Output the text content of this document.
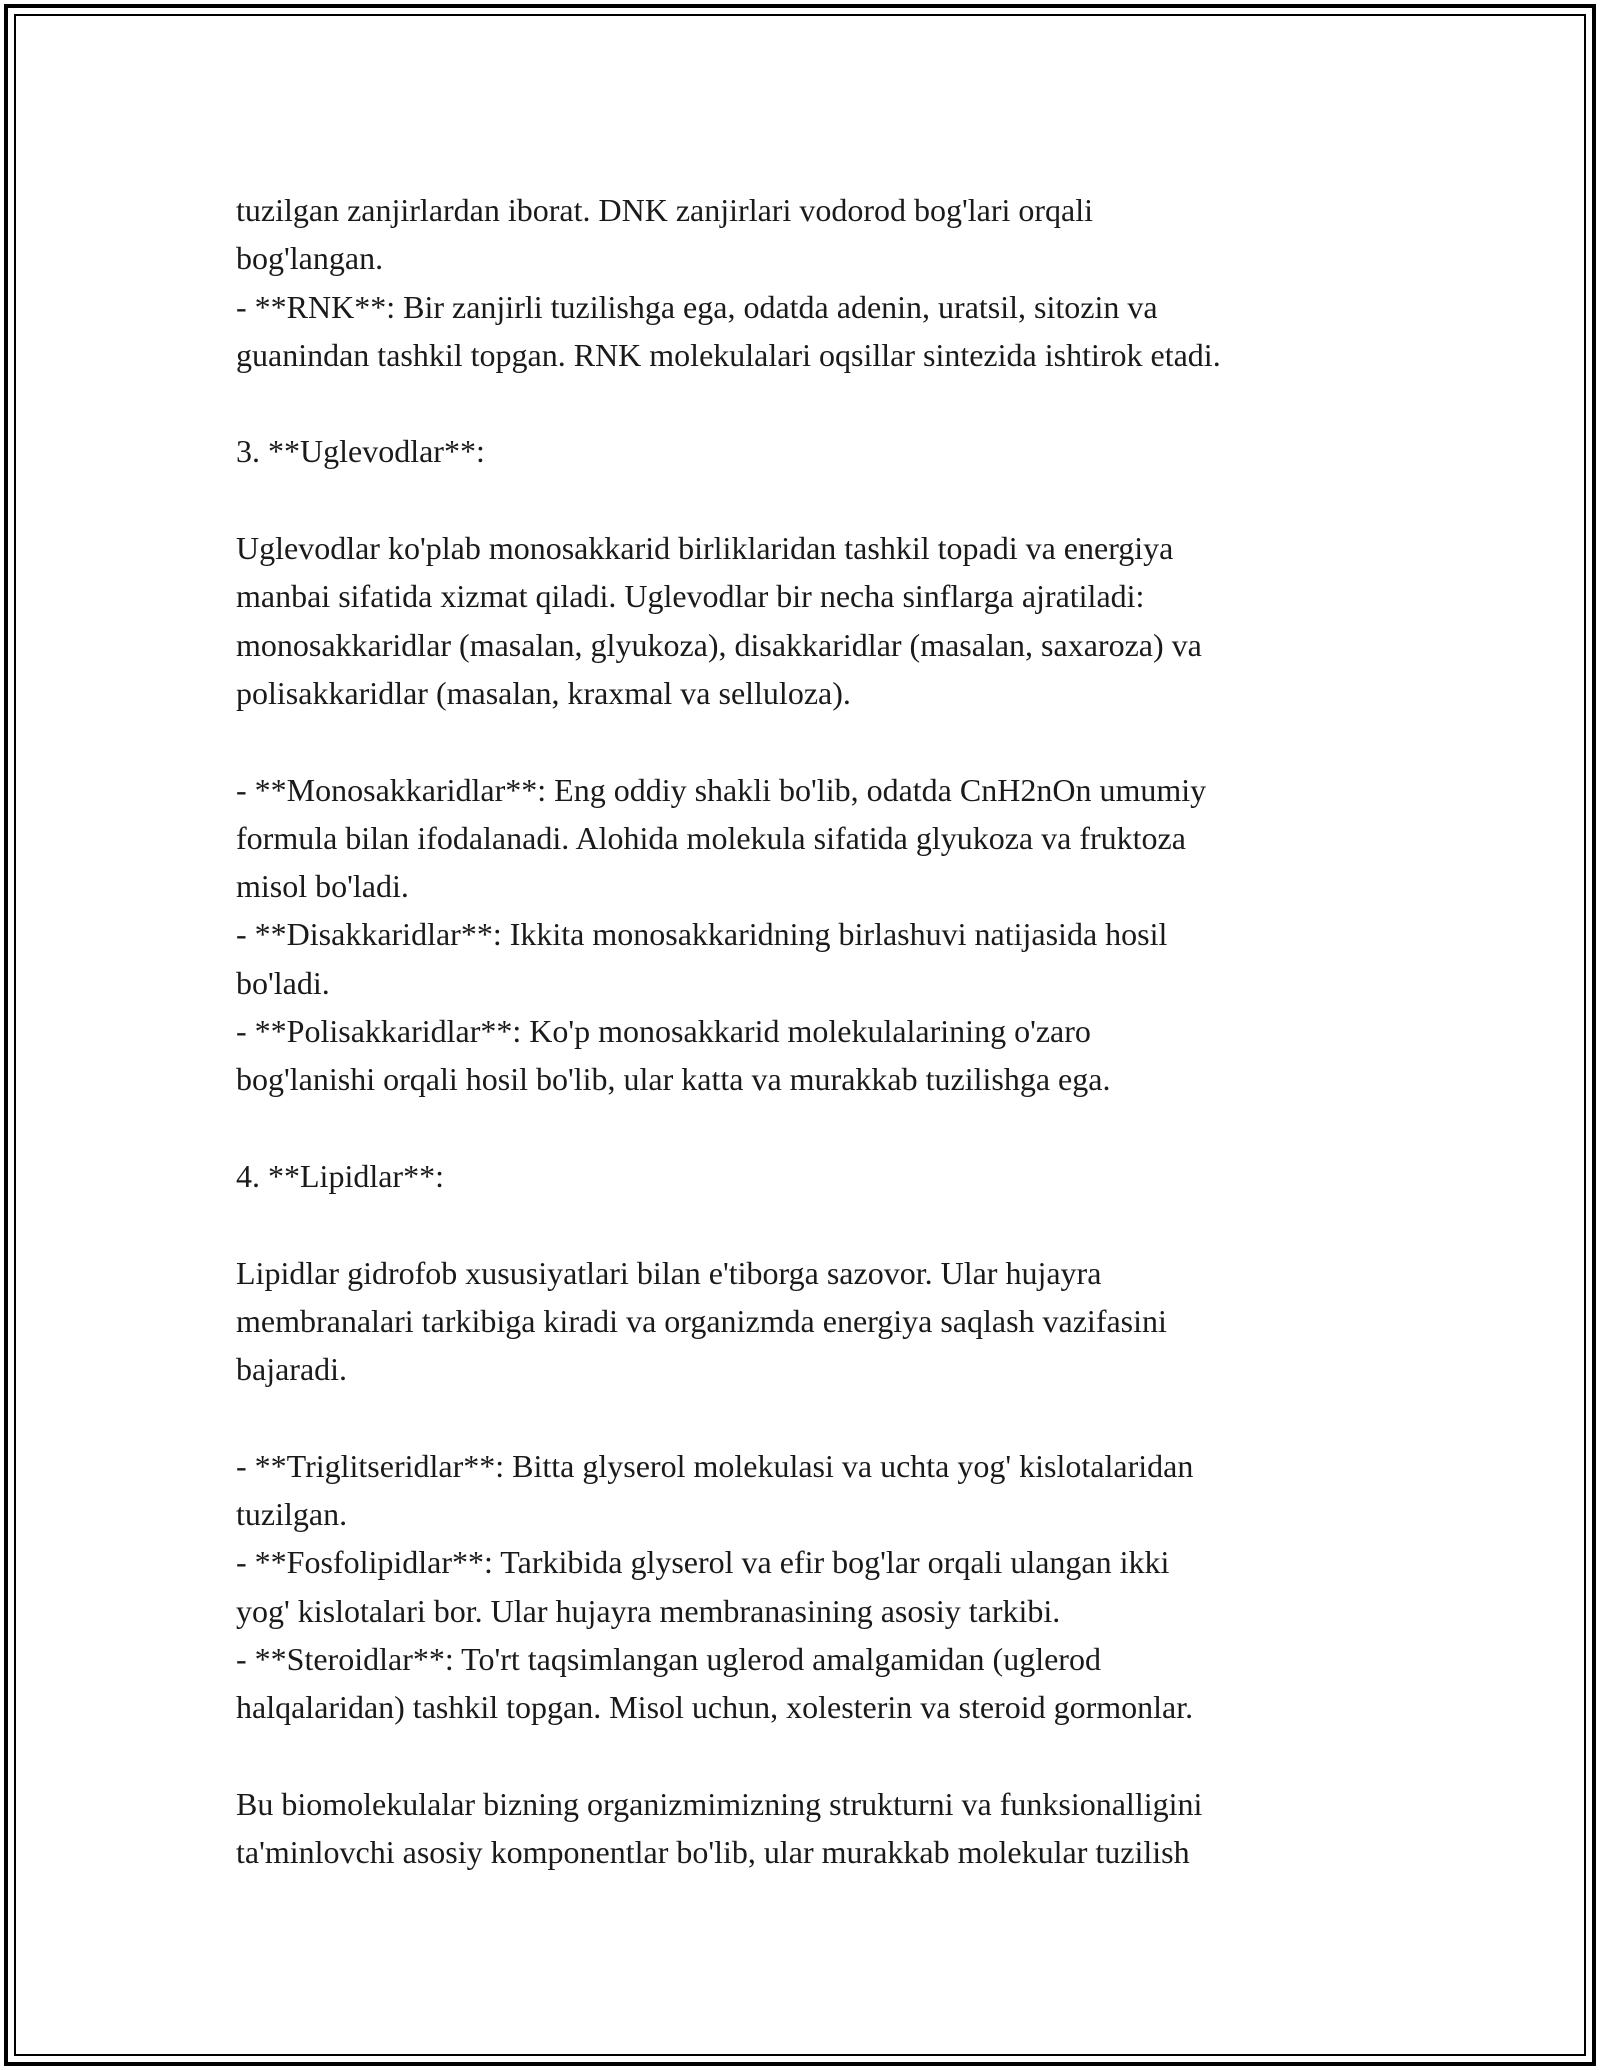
tuzilgan zanjirlardan iborat. DNK zanjirlari vodorod bog'lari orqali
bog'langan.
- **RNK**: Bir zanjirli tuzilishga ega, odatda adenin, uratsil, sitozin va
guanindan tashkil topgan. RNK molekulalari oqsillar sintezida ishtirok etadi.
3. **Uglevodlar**:
Uglevodlar ko'plab monosakkarid birliklaridan tashkil topadi va energiya
manbai sifatida xizmat qiladi. Uglevodlar bir necha sinflarga ajratiladi:
monosakkaridlar (masalan, glyukoza), disakkaridlar (masalan, saxaroza) va
polisakkaridlar (masalan, kraxmal va selluloza).
- **Monosakkaridlar**: Eng oddiy shakli bo'lib, odatda CnH2nOn umumiy
formula bilan ifodalanadi. Alohida molekula sifatida glyukoza va fruktoza
misol bo'ladi.
- **Disakkaridlar**: Ikkita monosakkaridning birlashuvi natijasida hosil
bo'ladi.
- **Polisakkaridlar**: Ko'p monosakkarid molekulalarining o'zaro
bog'lanishi orqali hosil bo'lib, ular katta va murakkab tuzilishga ega.
4. **Lipidlar**:
Lipidlar gidrofob xususiyatlari bilan e'tiborga sazovor. Ular hujayra
membranalari tarkibiga kiradi va organizmda energiya saqlash vazifasini
bajaradi.
- **Triglitseridlar**: Bitta glyserol molekulasi va uchta yog' kislotalaridan
tuzilgan.
- **Fosfolipidlar**: Tarkibida glyserol va efir bog'lar orqali ulangan ikki
yog' kislotalari bor. Ular hujayra membranasining asosiy tarkibi.
- **Steroidlar**: To'rt taqsimlangan uglerod amalgamidan (uglerod
halqalaridan) tashkil topgan. Misol uchun, xolesterin va steroid gormonlar.
Bu biomolekulalar bizning organizmimizning strukturni va funksionalligini
ta'minlovchi asosiy komponentlar bo'lib, ular murakkab molekular tuzilish
